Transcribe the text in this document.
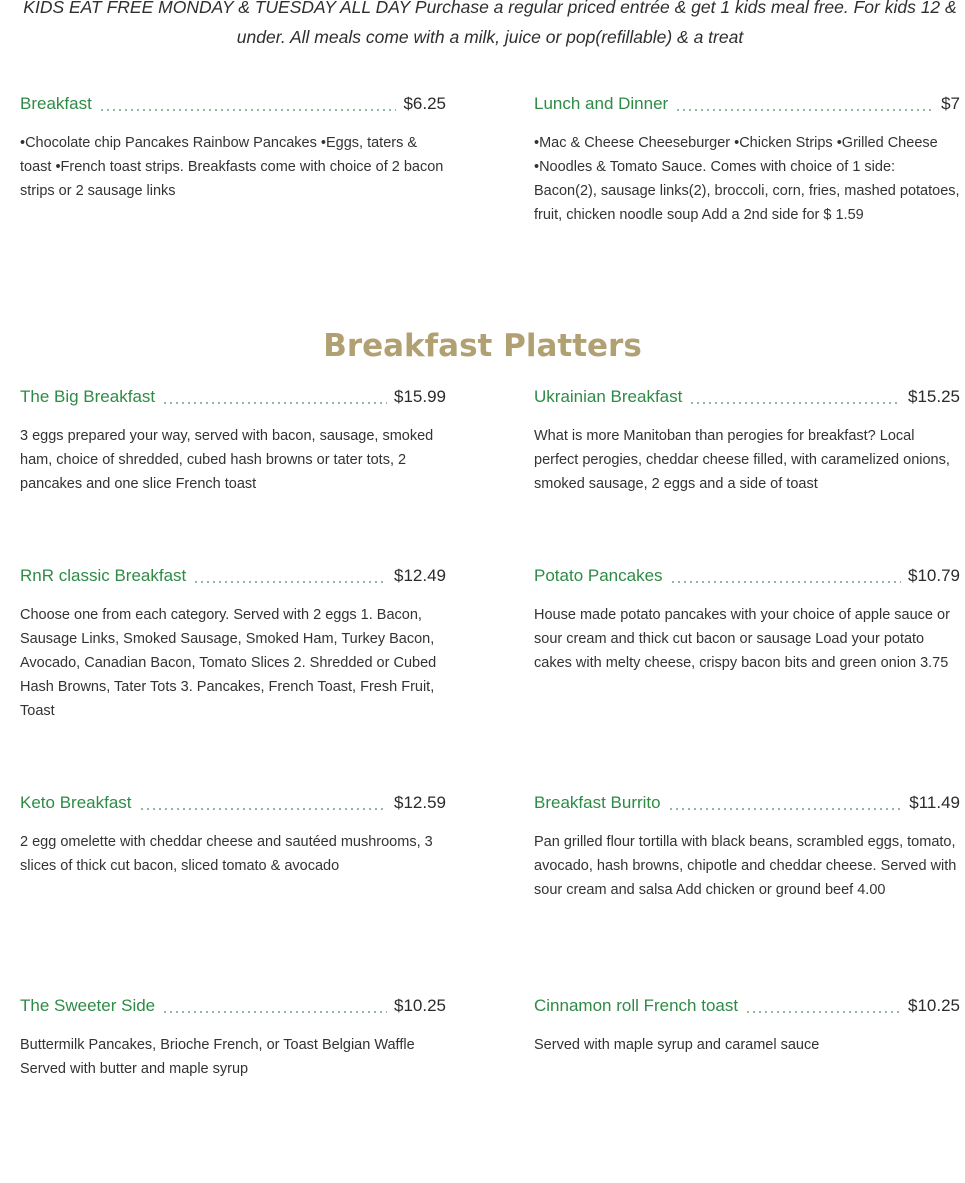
KIDS EAT FREE MONDAY & TUESDAY ALL DAY Purchase a regular priced entrée & get 1 kids meal free. For kids 12 &
under. All meals come with a milk, juice or pop(refillable) & a treat
Breakfast	$6.25
•Chocolate chip Pancakes Rainbow Pancakes •Eggs, taters & toast •French toast strips. Breakfasts come with choice of 2 bacon strips or 2 sausage links
Lunch and Dinner	$7
•Mac & Cheese Cheeseburger •Chicken Strips •Grilled Cheese •Noodles & Tomato Sauce. Comes with choice of 1 side: Bacon(2), sausage links(2), broccoli, corn, fries, mashed potatoes, fruit, chicken noodle soup Add a 2nd side for $ 1.59
Breakfast Platters
The Big Breakfast	$15.99
3 eggs prepared your way, served with bacon, sausage, smoked ham, choice of shredded, cubed hash browns or tater tots, 2 pancakes and one slice French toast
Ukrainian Breakfast	$15.25
What is more Manitoban than perogies for breakfast? Local perfect perogies, cheddar cheese filled, with caramelized onions, smoked sausage, 2 eggs and a side of toast
RnR classic Breakfast	$12.49
Choose one from each category. Served with 2 eggs 1. Bacon, Sausage Links, Smoked Sausage, Smoked Ham, Turkey Bacon, Avocado, Canadian Bacon, Tomato Slices 2. Shredded or Cubed Hash Browns, Tater Tots 3. Pancakes, French Toast, Fresh Fruit, Toast
Potato Pancakes	$10.79
House made potato pancakes with your choice of apple sauce or sour cream and thick cut bacon or sausage Load your potato cakes with melty cheese, crispy bacon bits and green onion 3.75
Keto Breakfast	$12.59
2 egg omelette with cheddar cheese and sautéed mushrooms, 3 slices of thick cut bacon, sliced tomato & avocado
Breakfast Burrito	$11.49
Pan grilled flour tortilla with black beans, scrambled eggs, tomato, avocado, hash browns, chipotle and cheddar cheese. Served with sour cream and salsa Add chicken or ground beef 4.00
The Sweeter Side	$10.25
Buttermilk Pancakes, Brioche French, or Toast Belgian Waffle Served with butter and maple syrup
Cinnamon roll French toast	$10.25
Served with maple syrup and caramel sauce
